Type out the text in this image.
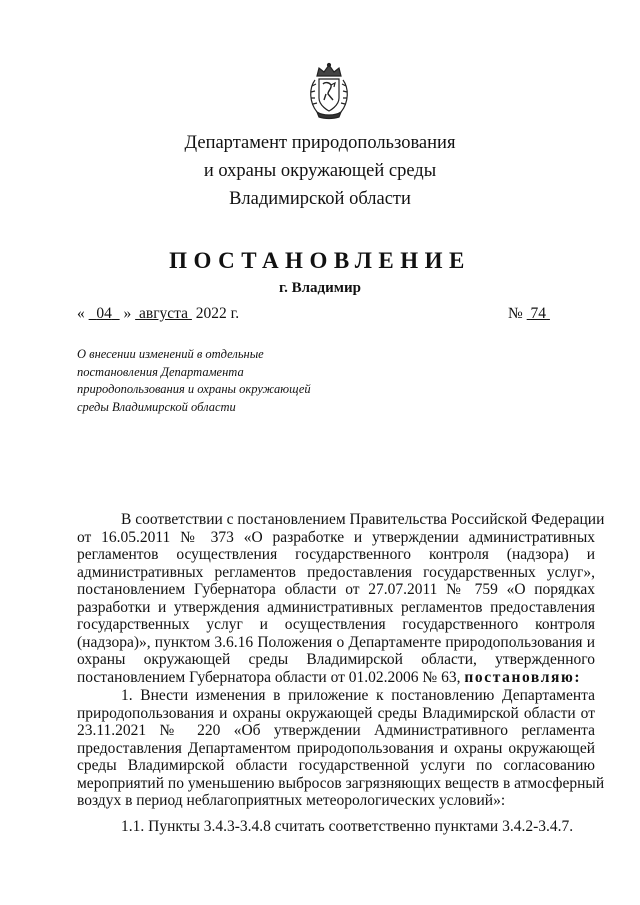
Департамент природопользования
и охраны окружающей среды
Владимирской области
ПОСТАНОВЛЕНИЕ
г. Владимир
« 04 » августа 2022 г.	№ 74
О внесении изменений в отдельные
постановления Департамента
природопользования и охраны окружающей
среды Владимирской области
В соответствии с постановлением Правительства Российской Федерации
от 16.05.2011 № 373 «О разработке и утверждении административных
регламентов осуществления государственного контроля (надзора) и
административных регламентов предоставления государственных услуг»,
постановлением Губернатора области от 27.07.2011 № 759 «О порядках
разработки и утверждения административных регламентов предоставления
государственных услуг и осуществления государственного контроля
(надзора)», пунктом 3.6.16 Положения о Департаменте природопользования и
охраны окружающей среды Владимирской области, утвержденного
постановлением Губернатора области от 01.02.2006 № 63, постановляю:
1. Внести изменения в приложение к постановлению Департамента
природопользования и охраны окружающей среды Владимирской области от
23.11.2021 № 220 «Об утверждении Административного регламента
предоставления Департаментом природопользования и охраны окружающей
среды Владимирской области государственной услуги по согласованию
мероприятий по уменьшению выбросов загрязняющих веществ в атмосферный
воздух в период неблагоприятных метеорологических условий»:
1.1. Пункты 3.4.3-3.4.8 считать соответственно пунктами 3.4.2-3.4.7.
